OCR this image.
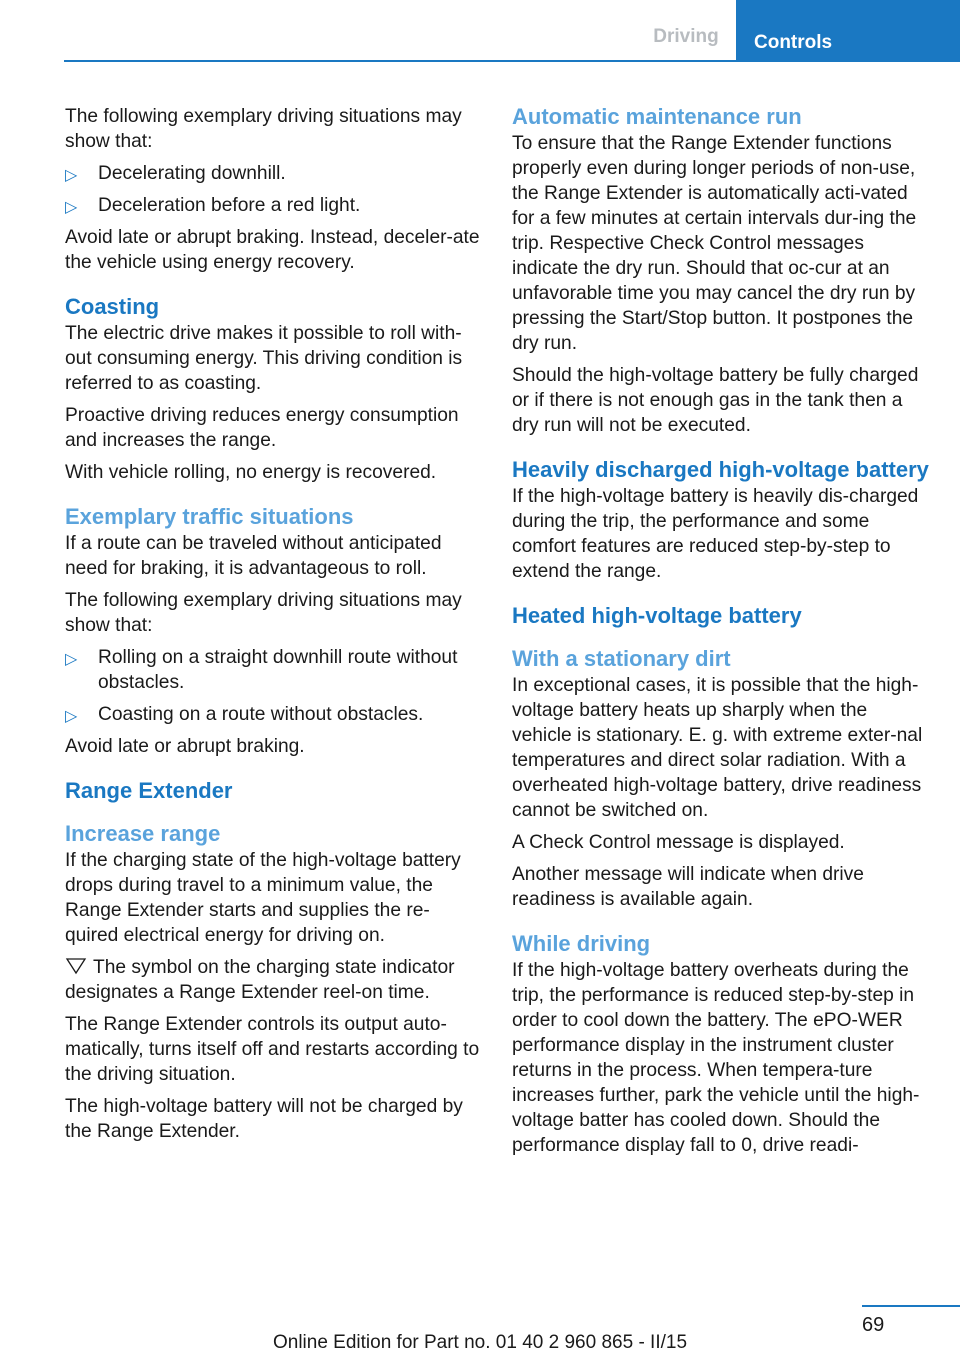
Driving	Controls

The following exemplary driving situations may show that:

▷ Decelerating downhill.
▷ Deceleration before a red light.

Avoid late or abrupt braking. Instead, deceler-ate the vehicle using energy recovery.

Coasting

The electric drive makes it possible to roll with-out consuming energy. This driving condition is referred to as coasting.

Proactive driving reduces energy consumption and increases the range.

With vehicle rolling, no energy is recovered.

Exemplary traffic situations

If a route can be traveled without anticipated need for braking, it is advantageous to roll.

The following exemplary driving situations may show that:

▷ Rolling on a straight downhill route without obstacles.
▷ Coasting on a route without obstacles.

Avoid late or abrupt braking.

Range Extender
Increase range

If the charging state of the high-voltage battery drops during travel to a minimum value, the Range Extender starts and supplies the re-quired electrical energy for driving on.

The symbol on the charging state indicator designates a Range Extender reel-on time.

The Range Extender controls its output auto-matically, turns itself off and restarts according to the driving situation.

The high-voltage battery will not be charged by the Range Extender.

Automatic maintenance run

To ensure that the Range Extender functions properly even during longer periods of non-use, the Range Extender is automatically acti-vated for a few minutes at certain intervals dur-ing the trip. Respective Check Control messages indicate the dry run. Should that oc-cur at an unfavorable time you may cancel the dry run by pressing the Start/Stop button. It postpones the dry run.

Should the high-voltage battery be fully charged or if there is not enough gas in the tank then a dry run will not be executed.

Heavily discharged high-voltage battery

If the high-voltage battery is heavily dis-charged during the trip, the performance and some comfort features are reduced step-by-step to extend the range.

Heated high-voltage battery
With a stationary dirt

In exceptional cases, it is possible that the high-voltage battery heats up sharply when the vehicle is stationary. E. g. with extreme exter-nal temperatures and direct solar radiation. With a overheated high-voltage battery, drive readiness cannot be switched on.

A Check Control message is displayed.

Another message will indicate when drive readiness is available again.

While driving

If the high-voltage battery overheats during the trip, the performance is reduced step-by-step in order to cool down the battery. The ePO-WER performance display in the instrument cluster returns in the process. When tempera-ture increases further, park the vehicle until the high-voltage batter has cooled down. Should the performance display fall to 0, drive readi-

69
Online Edition for Part no. 01 40 2 960 865 - II/15
